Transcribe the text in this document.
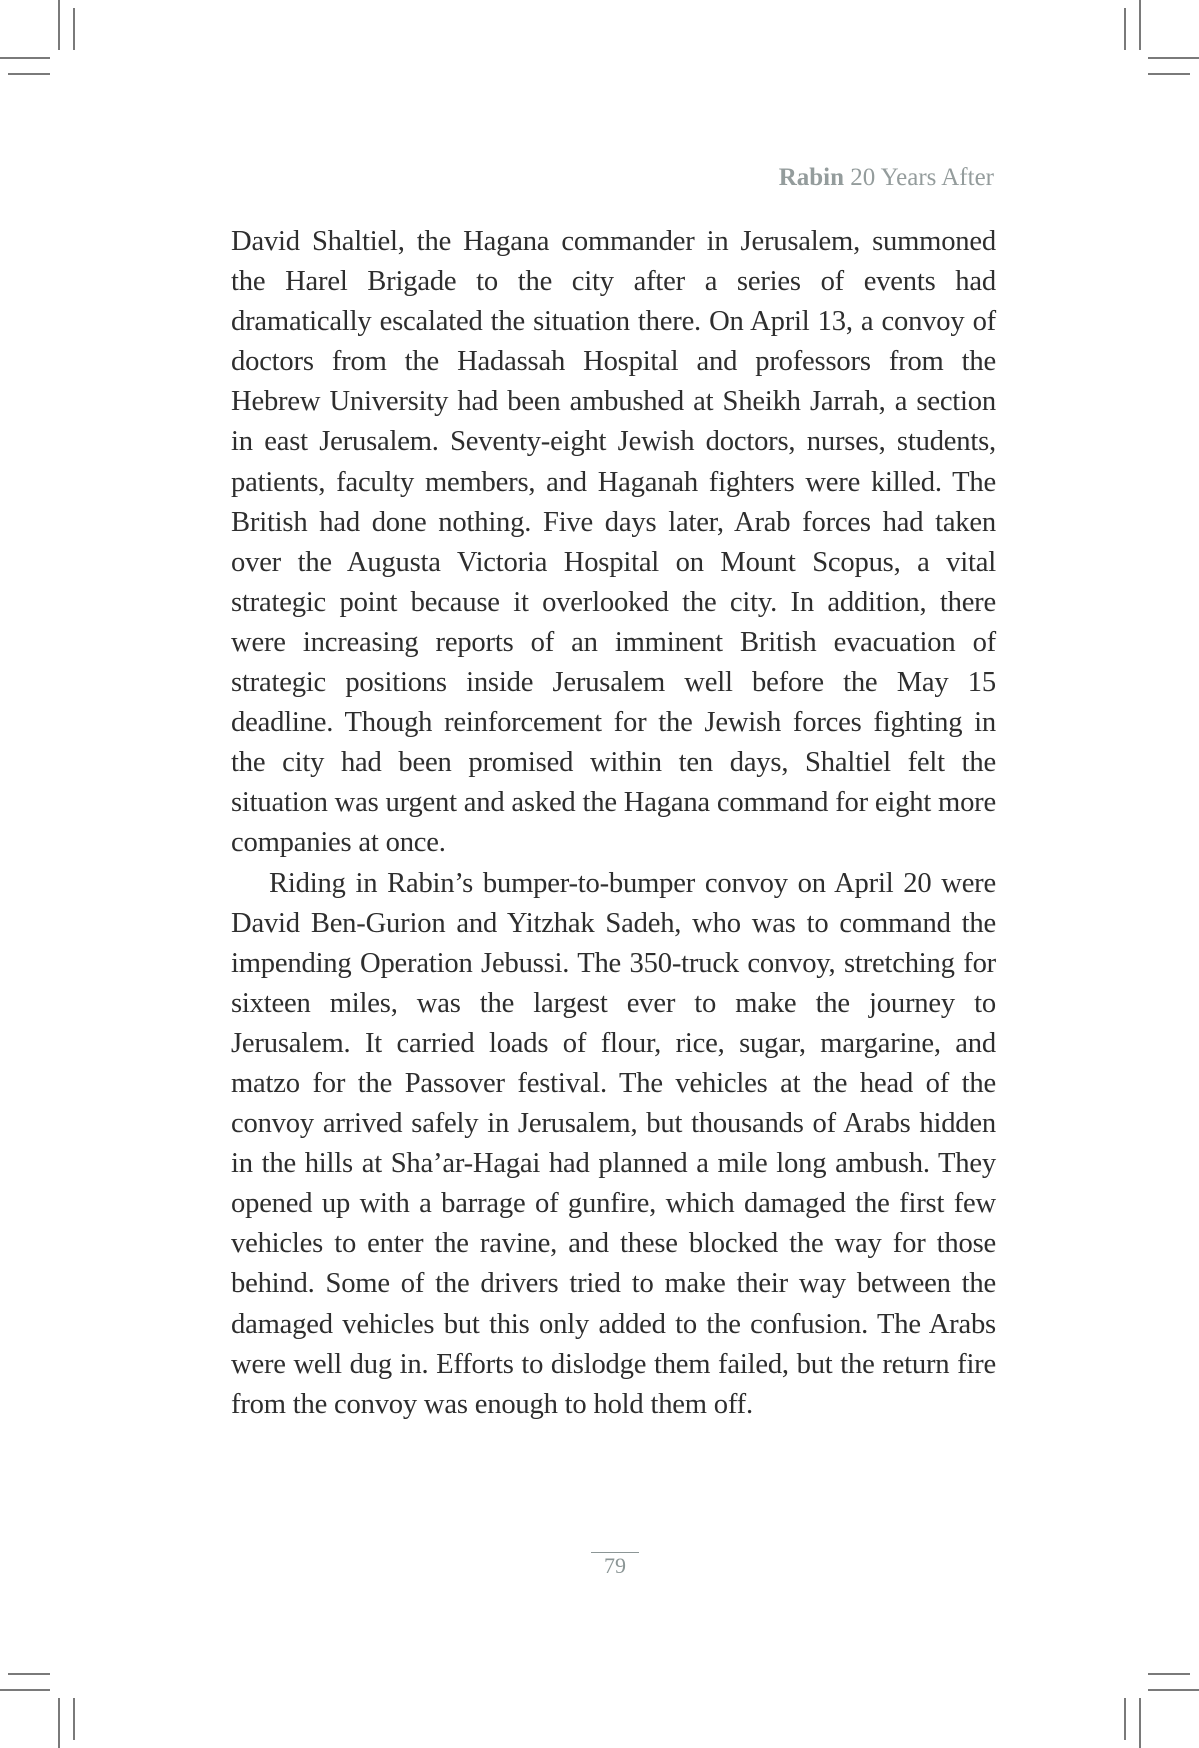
Rabin 20 Years After

David Shaltiel, the Hagana commander in Jerusalem, summoned the Harel Brigade to the city after a series of events had dramatically escalated the situation there. On April 13, a convoy of doctors from the Hadassah Hospital and professors from the Hebrew University had been ambushed at Sheikh Jarrah, a section in east Jerusalem. Seventy-eight Jewish doctors, nurses, students, patients, faculty members, and Haganah fighters were killed. The British had done nothing. Five days later, Arab forces had taken over the Augusta Victoria Hospital on Mount Scopus, a vital strategic point because it overlooked the city. In addition, there were increasing reports of an imminent British evacuation of strategic positions inside Jerusalem well before the May 15 deadline. Though reinforcement for the Jewish forces fighting in the city had been promised within ten days, Shaltiel felt the situation was urgent and asked the Hagana command for eight more companies at once.

Riding in Rabin’s bumper-to-bumper convoy on April 20 were David Ben-Gurion and Yitzhak Sadeh, who was to command the impending Operation Jebussi. The 350-truck convoy, stretching for sixteen miles, was the largest ever to make the journey to Jerusalem. It carried loads of flour, rice, sugar, margarine, and matzo for the Passover festival. The vehicles at the head of the convoy arrived safely in Jerusalem, but thousands of Arabs hidden in the hills at Sha’ar-Hagai had planned a mile long ambush. They opened up with a barrage of gunfire, which damaged the first few vehicles to enter the ravine, and these blocked the way for those behind. Some of the drivers tried to make their way between the damaged vehicles but this only added to the confusion. The Arabs were well dug in. Efforts to dislodge them failed, but the return fire from the convoy was enough to hold them off.

79
